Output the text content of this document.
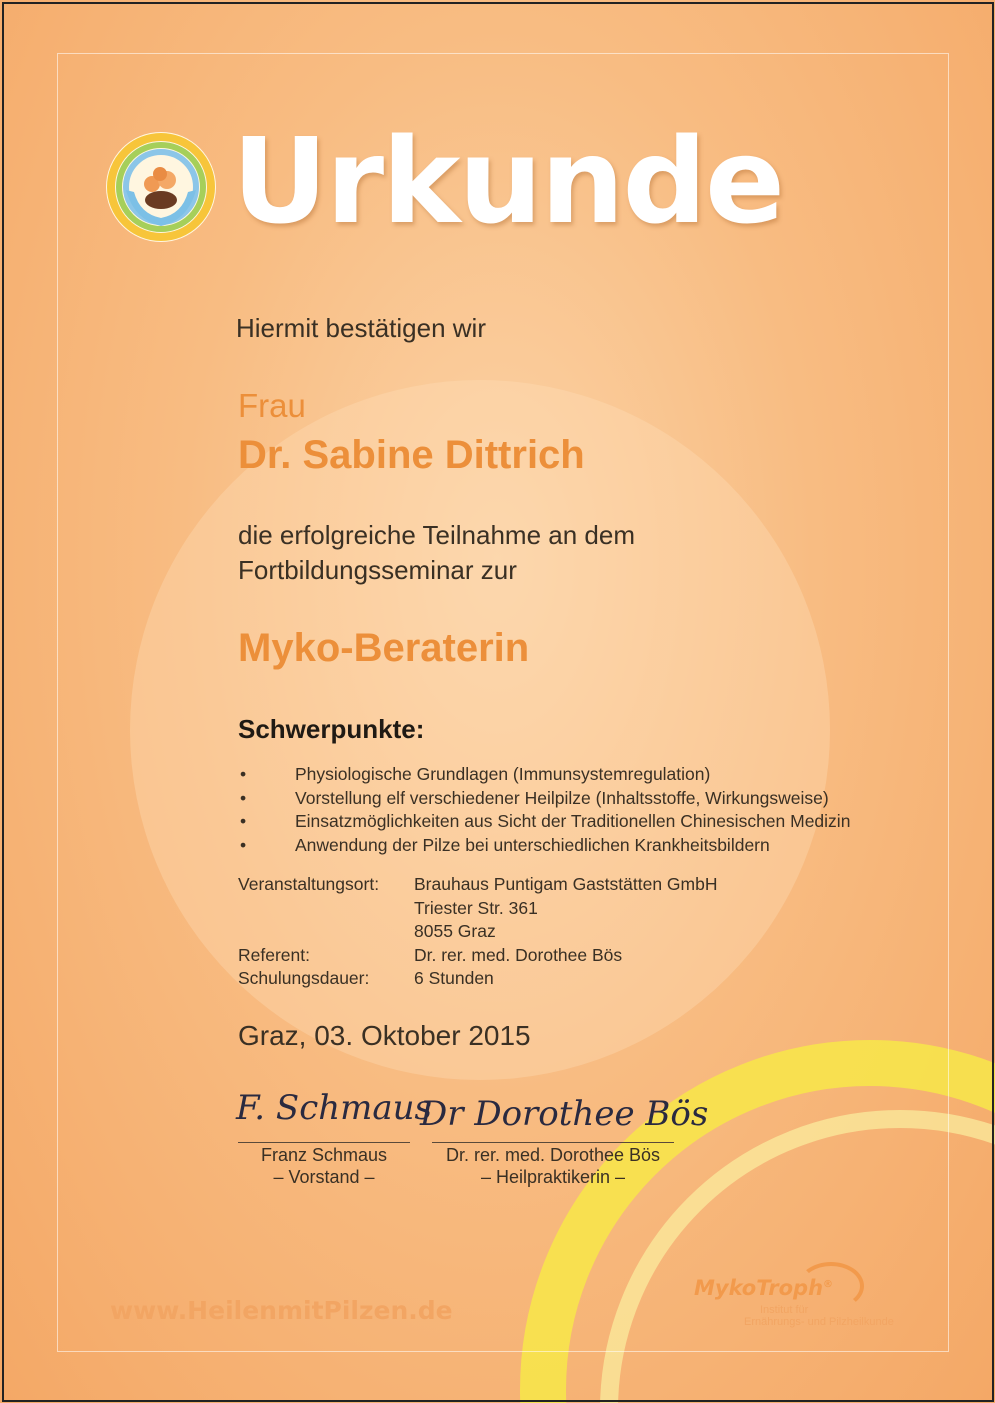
Urkunde
Hiermit bestätigen wir
Frau
Dr. Sabine Dittrich
die erfolgreiche Teilnahme an dem
Fortbildungsseminar zur
Myko-Beraterin
Schwerpunkte:
•	Physiologische Grundlagen (Immunsystemregulation)
•	Vorstellung elf verschiedener Heilpilze (Inhaltsstoffe, Wirkungsweise)
•	Einsatzmöglichkeiten aus Sicht der Traditionellen Chinesischen Medizin
•	Anwendung der Pilze bei unterschiedlichen Krankheitsbildern
Veranstaltungsort: Brauhaus Puntigam Gaststätten GmbH
Triester Str. 361
8055 Graz
Referent:	Dr. rer. med. Dorothee Bös
Schulungsdauer:	6 Stunden
Graz, 03. Oktober 2015
F. Schmaus
Dr Dorothee Bös
Franz Schmaus
– Vorstand –
Dr. rer. med. Dorothee Bös
– Heilpraktikerin –
www.HeilenmitPilzen.de
MykoTroph®
Institut für
Ernährungs- und Pilzheilkunde
